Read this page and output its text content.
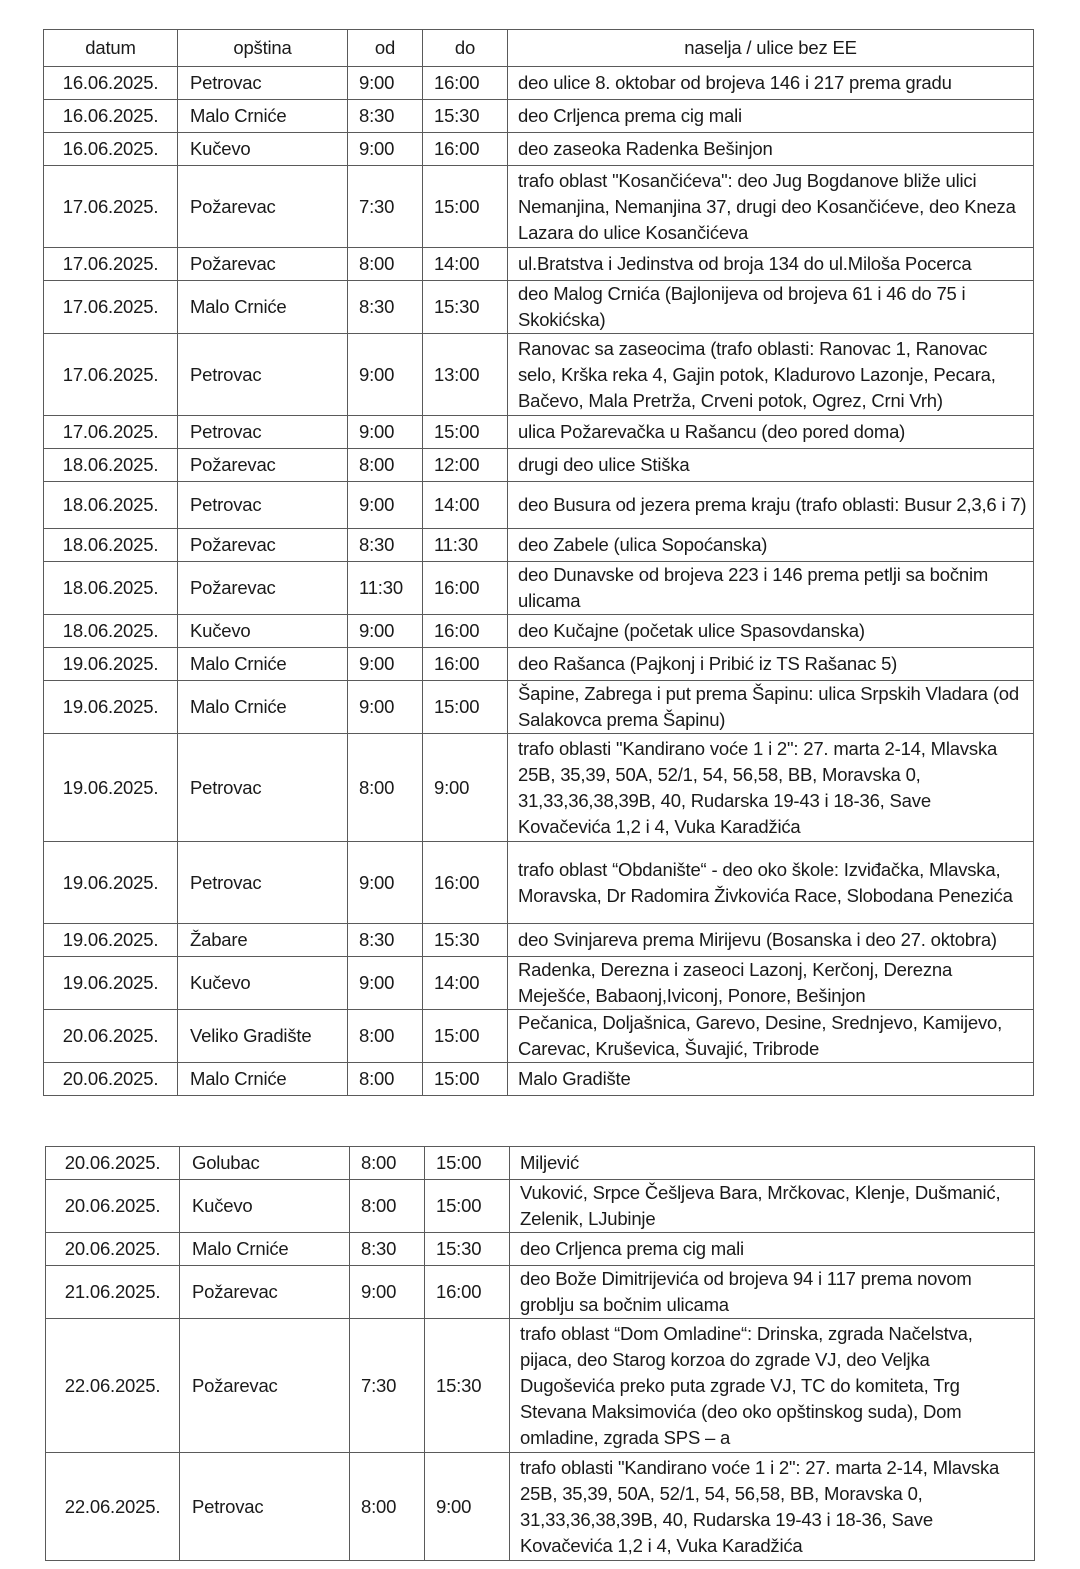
datum	opština	od	do	naselja / ulice bez EE
16.06.2025.	Petrovac	9:00	16:00	deo ulice 8. oktobar od brojeva 146 i 217 prema gradu
16.06.2025.	Malo Crniće	8:30	15:30	deo Crljenca prema cig mali
16.06.2025.	Kučevo	9:00	16:00	deo zaseoka Radenka Bešinjon
17.06.2025.	Požarevac	7:30	15:00	trafo oblast "Kosančićeva": deo Jug Bogdanove bliže ulici Nemanjina, Nemanjina 37, drugi deo Kosančićeve, deo Kneza Lazara do ulice Kosančićeva
17.06.2025.	Požarevac	8:00	14:00	ul.Bratstva i Jedinstva od broja 134 do ul.Miloša Pocerca
17.06.2025.	Malo Crniće	8:30	15:30	deo Malog Crnića (Bajlonijeva od brojeva 61 i 46 do 75 i Skokićska)
17.06.2025.	Petrovac	9:00	13:00	Ranovac sa zaseocima (trafo oblasti: Ranovac 1, Ranovac selo, Krška reka 4, Gajin potok, Kladurovo Lazonje, Pecara, Bačevo, Mala Pretrža, Crveni potok, Ogrez, Crni Vrh)
17.06.2025.	Petrovac	9:00	15:00	ulica Požarevačka u Rašancu (deo pored doma)
18.06.2025.	Požarevac	8:00	12:00	drugi deo ulice Stiška
18.06.2025.	Petrovac	9:00	14:00	deo Busura od jezera prema kraju (trafo oblasti: Busur 2,3,6 i 7)
18.06.2025.	Požarevac	8:30	11:30	deo Zabele (ulica Sopoćanska)
18.06.2025.	Požarevac	11:30	16:00	deo Dunavske od brojeva 223 i 146 prema petlji sa bočnim ulicama
18.06.2025.	Kučevo	9:00	16:00	deo Kučajne (početak ulice Spasovdanska)
19.06.2025.	Malo Crniće	9:00	16:00	deo Rašanca (Pajkonj i Pribić iz TS Rašanac 5)
19.06.2025.	Malo Crniće	9:00	15:00	Šapine, Zabrega i put prema Šapinu: ulica Srpskih Vladara (od Salakovca prema Šapinu)
19.06.2025.	Petrovac	8:00	9:00	trafo oblasti "Kandirano voće 1 i 2": 27. marta 2-14, Mlavska 25B, 35,39, 50A, 52/1, 54, 56,58, BB, Moravska 0, 31,33,36,38,39B, 40, Rudarska 19-43 i 18-36, Save Kovačevića 1,2 i 4, Vuka Karadžića
19.06.2025.	Petrovac	9:00	16:00	trafo oblast “Obdanište“ - deo oko škole: Izviđačka, Mlavska, Moravska, Dr Radomira Živkovića Race, Slobodana Penezića
19.06.2025.	Žabare	8:30	15:30	deo Svinjareva prema Mirijevu (Bosanska i deo 27. oktobra)
19.06.2025.	Kučevo	9:00	14:00	Radenka, Derezna i zaseoci Lazonj, Kerčonj, Derezna Meješće, Babaonj,Iviconj, Ponore, Bešinjon
20.06.2025.	Veliko Gradište	8:00	15:00	Pečanica, Doljašnica, Garevo, Desine, Srednjevo, Kamijevo, Carevac, Kruševica, Šuvajić, Tribrode
20.06.2025.	Malo Crniće	8:00	15:00	Malo Gradište
20.06.2025.	Golubac	8:00	15:00	Miljević
20.06.2025.	Kučevo	8:00	15:00	Vuković, Srpce Češljeva Bara, Mrčkovac, Klenje, Dušmanić, Zelenik, LJubinje
20.06.2025.	Malo Crniće	8:30	15:30	deo Crljenca prema cig mali
21.06.2025.	Požarevac	9:00	16:00	deo Bože Dimitrijevića od brojeva 94 i 117 prema novom groblju sa bočnim ulicama
22.06.2025.	Požarevac	7:30	15:30	trafo oblast “Dom Omladine“: Drinska, zgrada Načelstva, pijaca, deo Starog korzoa do zgrade VJ, deo Veljka Dugoševića preko puta zgrade VJ, TC do komiteta, Trg Stevana Maksimovića (deo oko opštinskog suda), Dom omladine, zgrada SPS – a
22.06.2025.	Petrovac	8:00	9:00	trafo oblasti "Kandirano voće 1 i 2": 27. marta 2-14, Mlavska 25B, 35,39, 50A, 52/1, 54, 56,58, BB, Moravska 0, 31,33,36,38,39B, 40, Rudarska 19-43 i 18-36, Save Kovačevića 1,2 i 4, Vuka Karadžića
